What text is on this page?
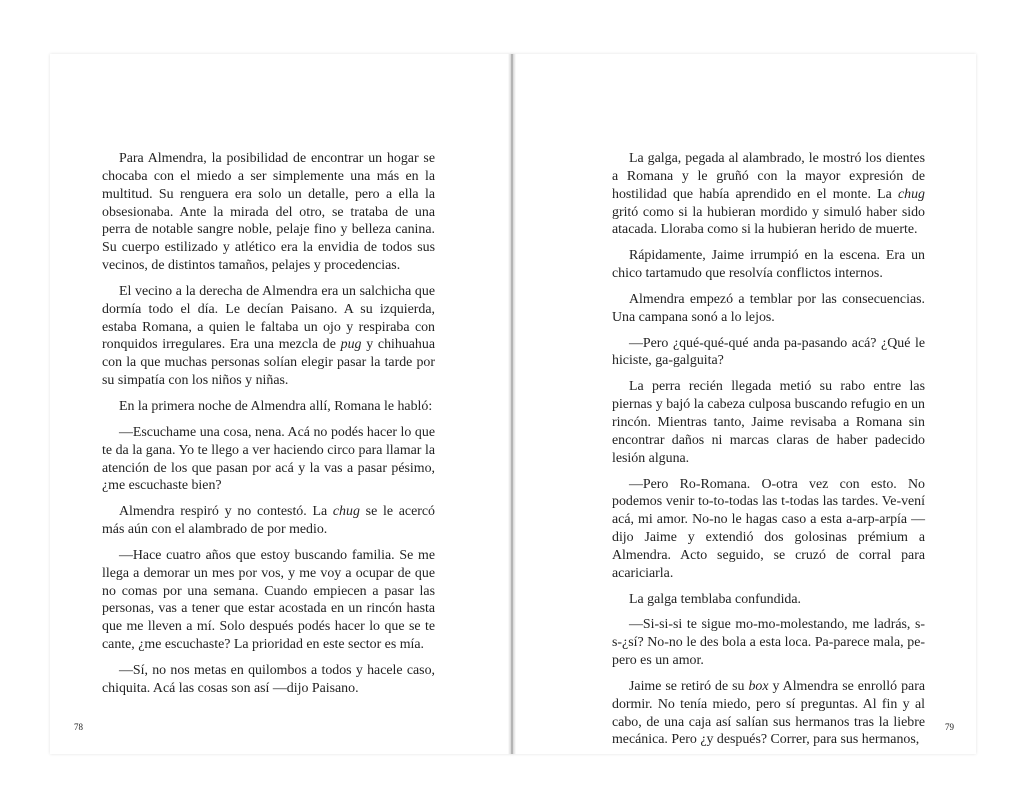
Para Almendra, la posibilidad de encontrar un hogar se chocaba con el miedo a ser simplemente una más en la multitud. Su renguera era solo un detalle, pero a ella la obsesionaba. Ante la mirada del otro, se trataba de una perra de notable sangre noble, pelaje fino y belleza canina. Su cuerpo estilizado y atlético era la envidia de todos sus vecinos, de distintos tamaños, pelajes y procedencias.

El vecino a la derecha de Almendra era un salchicha que dormía todo el día. Le decían Paisano. A su izquierda, estaba Romana, a quien le faltaba un ojo y respiraba con ronquidos irregulares. Era una mezcla de pug y chihuahua con la que muchas personas solían elegir pasar la tarde por su simpatía con los niños y niñas.

En la primera noche de Almendra allí, Romana le habló:

—Escuchame una cosa, nena. Acá no podés hacer lo que te da la gana. Yo te llego a ver haciendo circo para llamar la atención de los que pasan por acá y la vas a pasar pésimo, ¿me escuchaste bien?

Almendra respiró y no contestó. La chug se le acercó más aún con el alambrado de por medio.

—Hace cuatro años que estoy buscando familia. Se me llega a demorar un mes por vos, y me voy a ocupar de que no comas por una semana. Cuando empiecen a pasar las personas, vas a tener que estar acostada en un rincón hasta que me lleven a mí. Solo después podés hacer lo que se te cante, ¿me escuchaste? La prioridad en este sector es mía.

—Sí, no nos metas en quilombos a todos y hacele caso, chiquita. Acá las cosas son así —dijo Paisano.

78

La galga, pegada al alambrado, le mostró los dientes a Romana y le gruñó con la mayor expresión de hostilidad que había aprendido en el monte. La chug gritó como si la hubieran mordido y simuló haber sido atacada. Lloraba como si la hubieran herido de muerte.

Rápidamente, Jaime irrumpió en la escena. Era un chico tartamudo que resolvía conflictos internos.

Almendra empezó a temblar por las consecuencias. Una campana sonó a lo lejos.

—Pero ¿qué-qué-qué anda pa-pasando acá? ¿Qué le hiciste, ga-galguita?

La perra recién llegada metió su rabo entre las piernas y bajó la cabeza culposa buscando refugio en un rincón. Mientras tanto, Jaime revisaba a Romana sin encontrar daños ni marcas claras de haber padecido lesión alguna.

—Pero Ro-Romana. O-otra vez con esto. No podemos venir to-to-todas las t-todas las tardes. Ve-vení acá, mi amor. No-no le hagas caso a esta a-arp-arpía —dijo Jaime y extendió dos golosinas prémium a Almendra. Acto seguido, se cruzó de corral para acariciarla.

La galga temblaba confundida.

—Si-si-si te sigue mo-mo-molestando, me ladrás, s-s-¿sí? No-no le des bola a esta loca. Pa-parece mala, pe-pero es un amor.

Jaime se retiró de su box y Almendra se enrolló para dormir. No tenía miedo, pero sí preguntas. Al fin y al cabo, de una caja así salían sus hermanos tras la liebre mecánica. Pero ¿y después? Correr, para sus hermanos,

79
